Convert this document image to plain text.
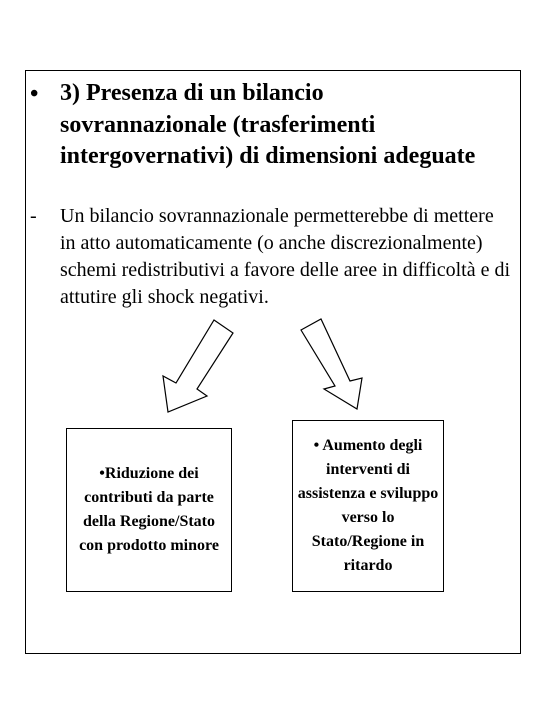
• 3) Presenza di un bilancio sovrannazionale (trasferimenti intergovernativi) di dimensioni adeguate
- Un bilancio sovrannazionale permetterebbe di mettere in atto automaticamente (o anche discrezionalmente) schemi redistributivi a favore delle aree in difficoltà e di attutire gli shock negativi.
•Riduzione dei contributi da parte della Regione/Stato con prodotto minore
• Aumento degli interventi di assistenza e sviluppo verso lo Stato/Regione in ritardo
